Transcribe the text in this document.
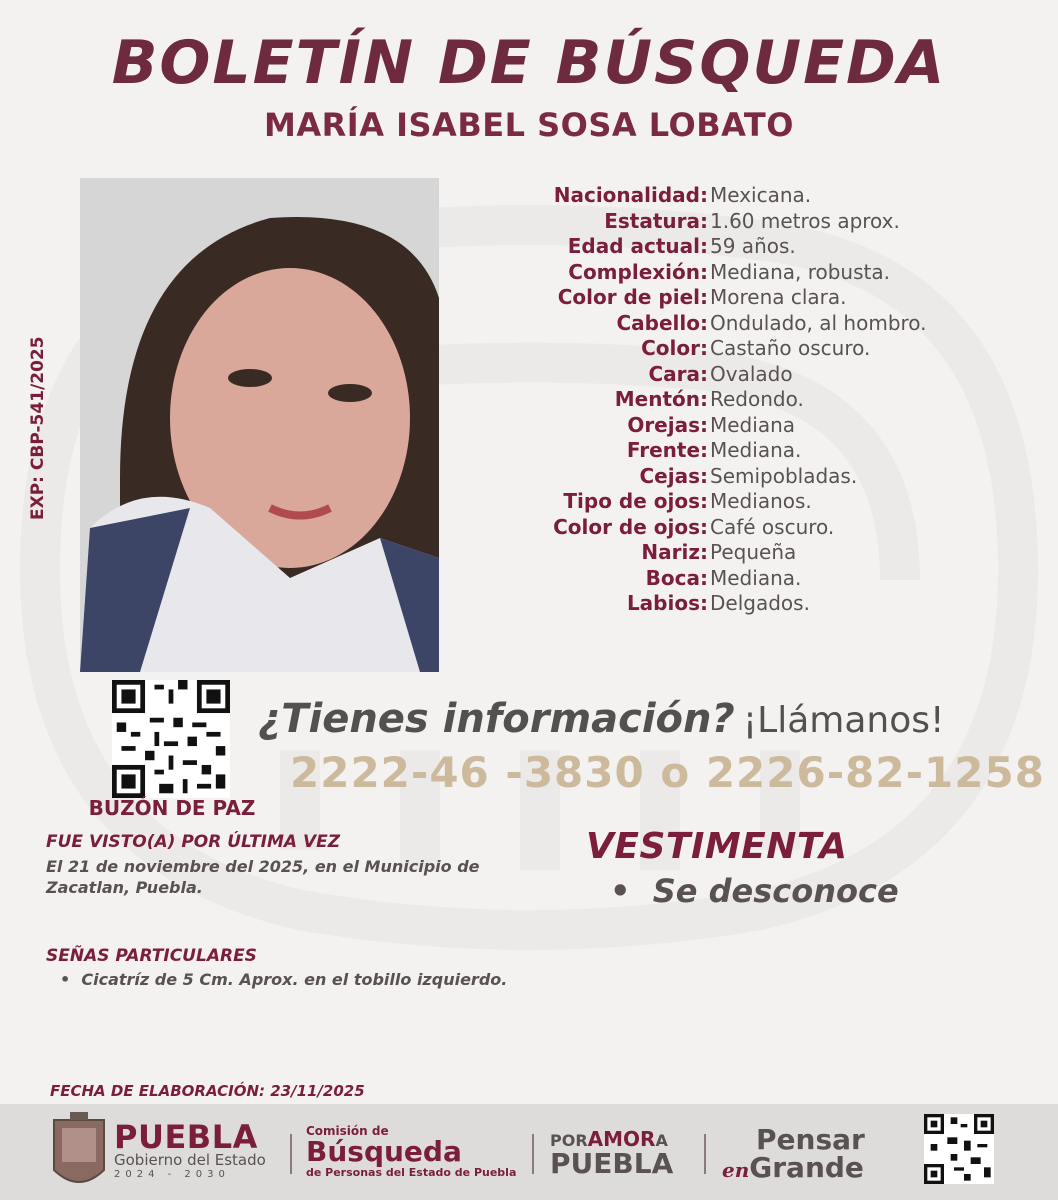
BOLETÍN DE BÚSQUEDA
MARÍA ISABEL SOSA LOBATO
EXP: CBP-541/2025
Nacionalidad: Mexicana.
Estatura: 1.60 metros aprox.
Edad actual: 59 años.
Complexión: Mediana, robusta.
Color de piel: Morena clara.
Cabello: Ondulado, al hombro.
Color: Castaño oscuro.
Cara: Ovalado
Mentón: Redondo.
Orejas: Mediana
Frente: Mediana.
Cejas: Semipobladas.
Tipo de ojos: Medianos.
Color de ojos: Café oscuro.
Nariz: Pequeña
Boca: Mediana.
Labios: Delgados.
BUZÓN DE PAZ
¿Tienes información? ¡Llámanos!
2222-46 -3830 o 2226-82-1258
FUE VISTO(A) POR ÚLTIMA VEZ
El 21 de noviembre del 2025, en el Municipio de Zacatlan, Puebla.
VESTIMENTA
•  Se desconoce
SEÑAS PARTICULARES
•  Cicatríz de 5 Cm. Aprox. en el tobillo izquierdo.
FECHA DE ELABORACIÓN: 23/11/2025
PUEBLA
Gobierno del Estado
2024 - 2030
Comisión de
Búsqueda
de Personas del Estado de Puebla
PORAMORA
PUEBLA
Pensar
enGrande
